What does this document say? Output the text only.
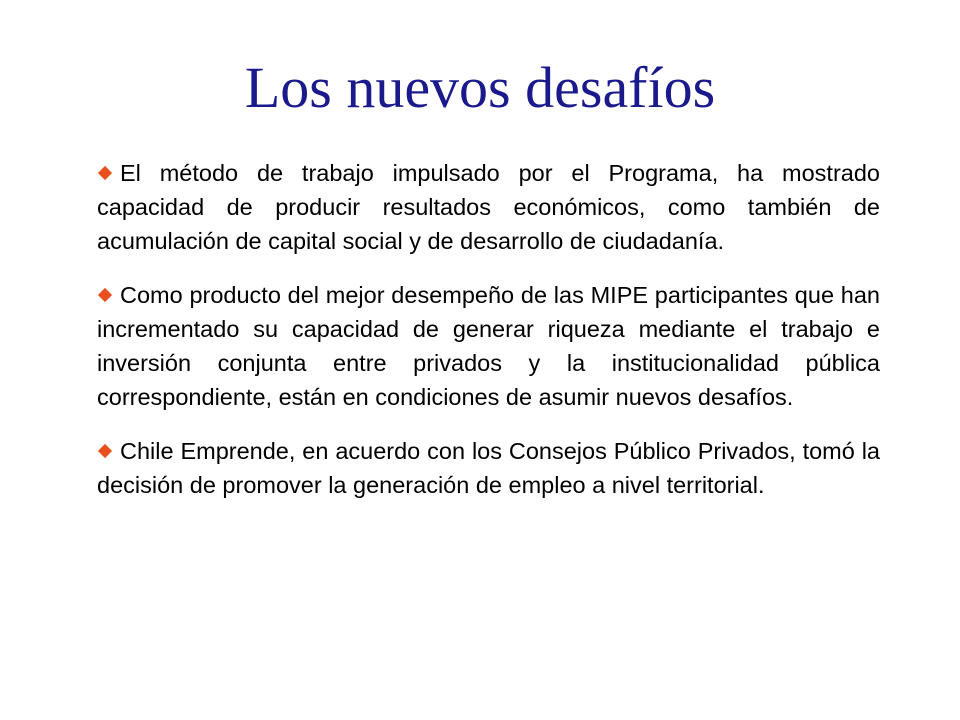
Los nuevos desafíos
El método de trabajo impulsado por el Programa, ha mostrado capacidad de producir resultados económicos, como también de acumulación de capital social y de desarrollo de ciudadanía.
Como producto del mejor desempeño de las MIPE participantes que han incrementado su capacidad de generar riqueza mediante el trabajo e inversión conjunta entre privados y la institucionalidad pública correspondiente, están en condiciones de asumir nuevos desafíos.
Chile Emprende, en acuerdo con los Consejos Público Privados, tomó la decisión de promover la generación de empleo a nivel territorial.
